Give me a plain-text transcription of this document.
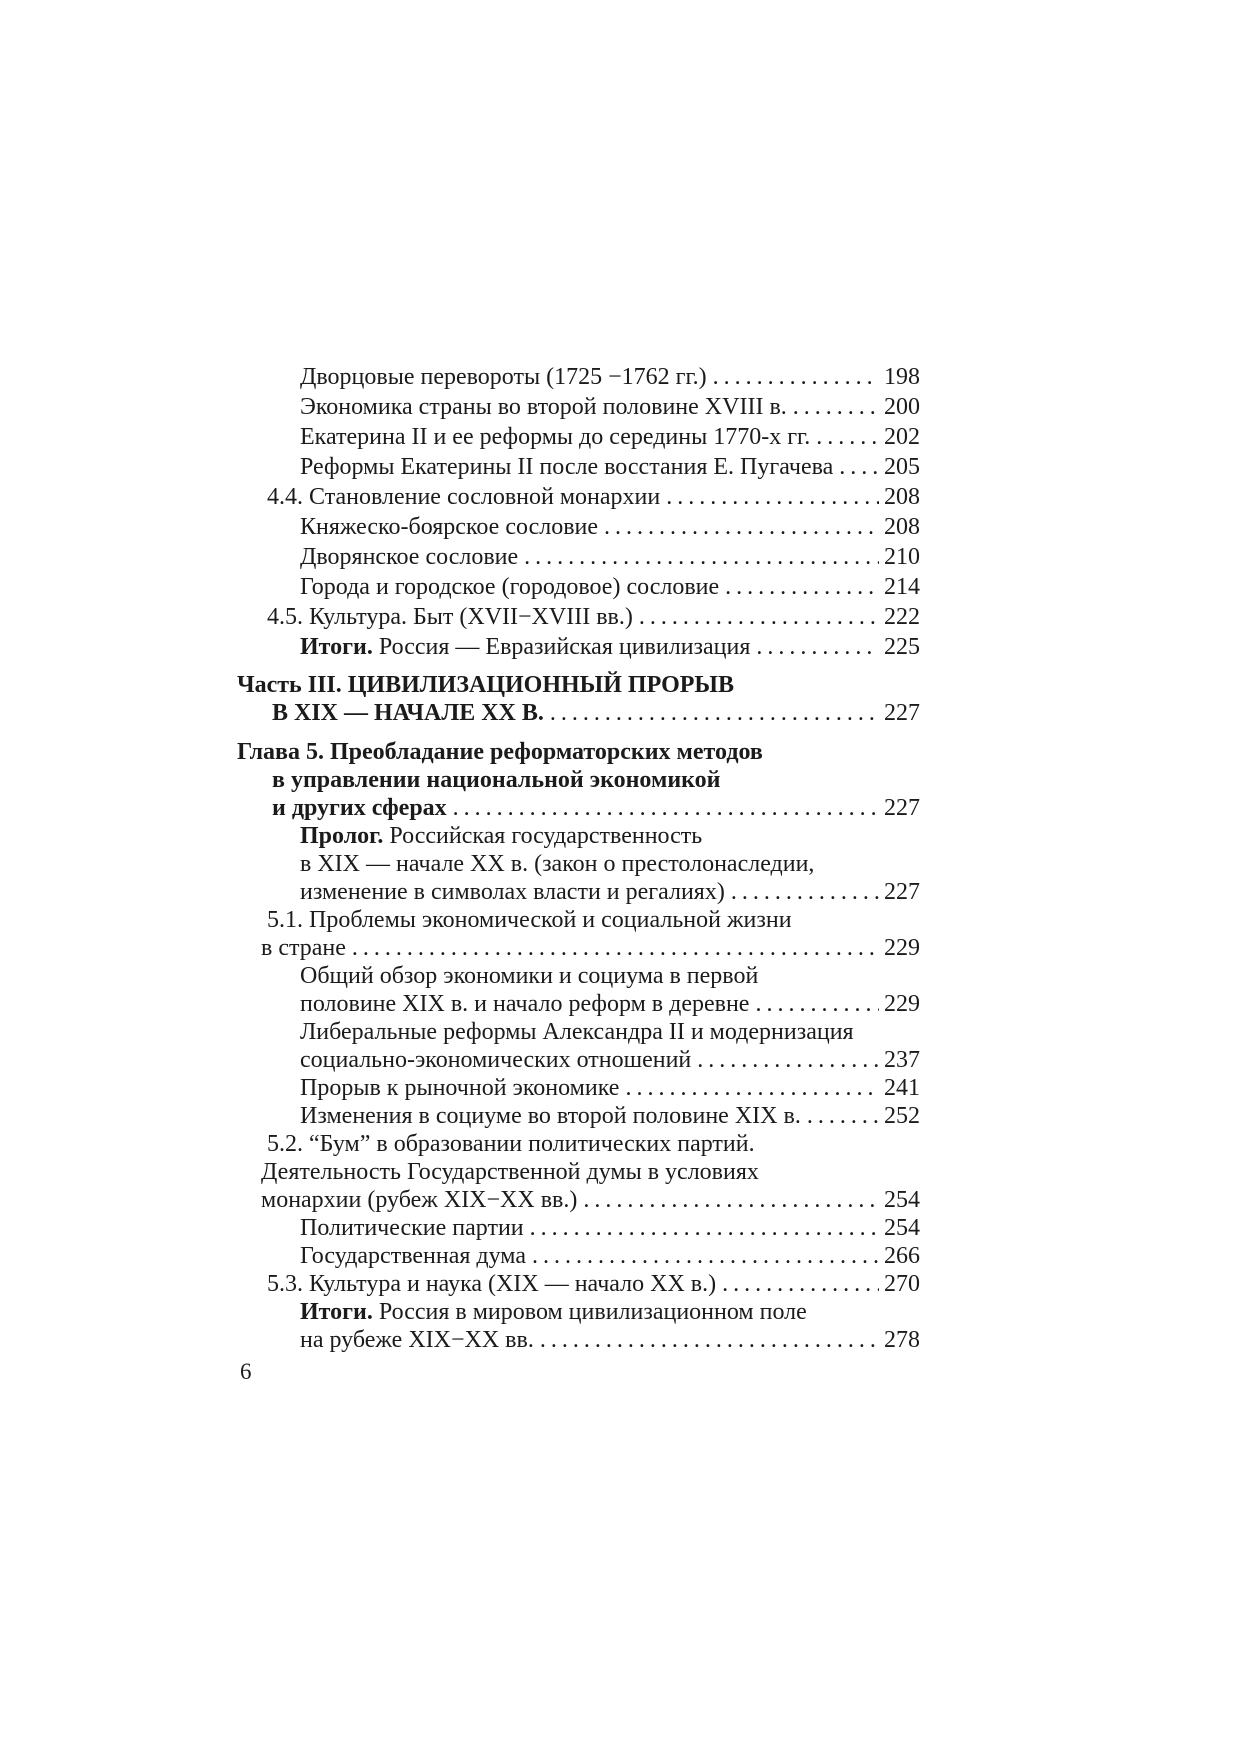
Дворцовые перевороты (1725 −1762 гг.) .....	198
Экономика страны во второй половине XVIII в. .....	200
Екатерина II и ее реформы до середины 1770-х гг. .....	202
Реформы Екатерины II после восстания Е. Пугачева ..... 205
4.4. Становление сословной монархии .....	208
Княжеско-боярское сословие .....	208
Дворянское сословие .....	210
Города и городское (городовое) сословие .....	214
4.5. Культура. Быт (XVII−XVIII вв.) .....	222
Итоги. Россия — Евразийская цивилизация .....	225
Часть III. ЦИВИЛИЗАЦИОННЫЙ ПРОРЫВ
В XIX — НАЧАЛЕ XX В. .....	227
Глава 5. Преобладание реформаторских методов
в управлении национальной экономикой
и других сферах .....	227
Пролог. Российская государственность
в XIX — начале XX в. (закон о престолонаследии,
изменение в символах власти и регалиях) .....	227
5.1. Проблемы экономической и социальной жизни
в стране .....	229
Общий обзор экономики и социума в первой
половине XIX в. и начало реформ в деревне .....	229
Либеральные реформы Александра II и модернизация
социально-экономических отношений .....	237
Прорыв к рыночной экономике .....	241
Изменения в социуме во второй половине XIX в. .....	252
5.2. “Бум” в образовании политических партий.
Деятельность Государственной думы в условиях
монархии (рубеж XIX−XX вв.) .....	254
Политические партии .....	254
Государственная дума .....	266
5.3. Культура и наука (XIX — начало XX в.) .....	270
Итоги. Россия в мировом цивилизационном поле
на рубеже XIX−XX вв. .....	278
6
